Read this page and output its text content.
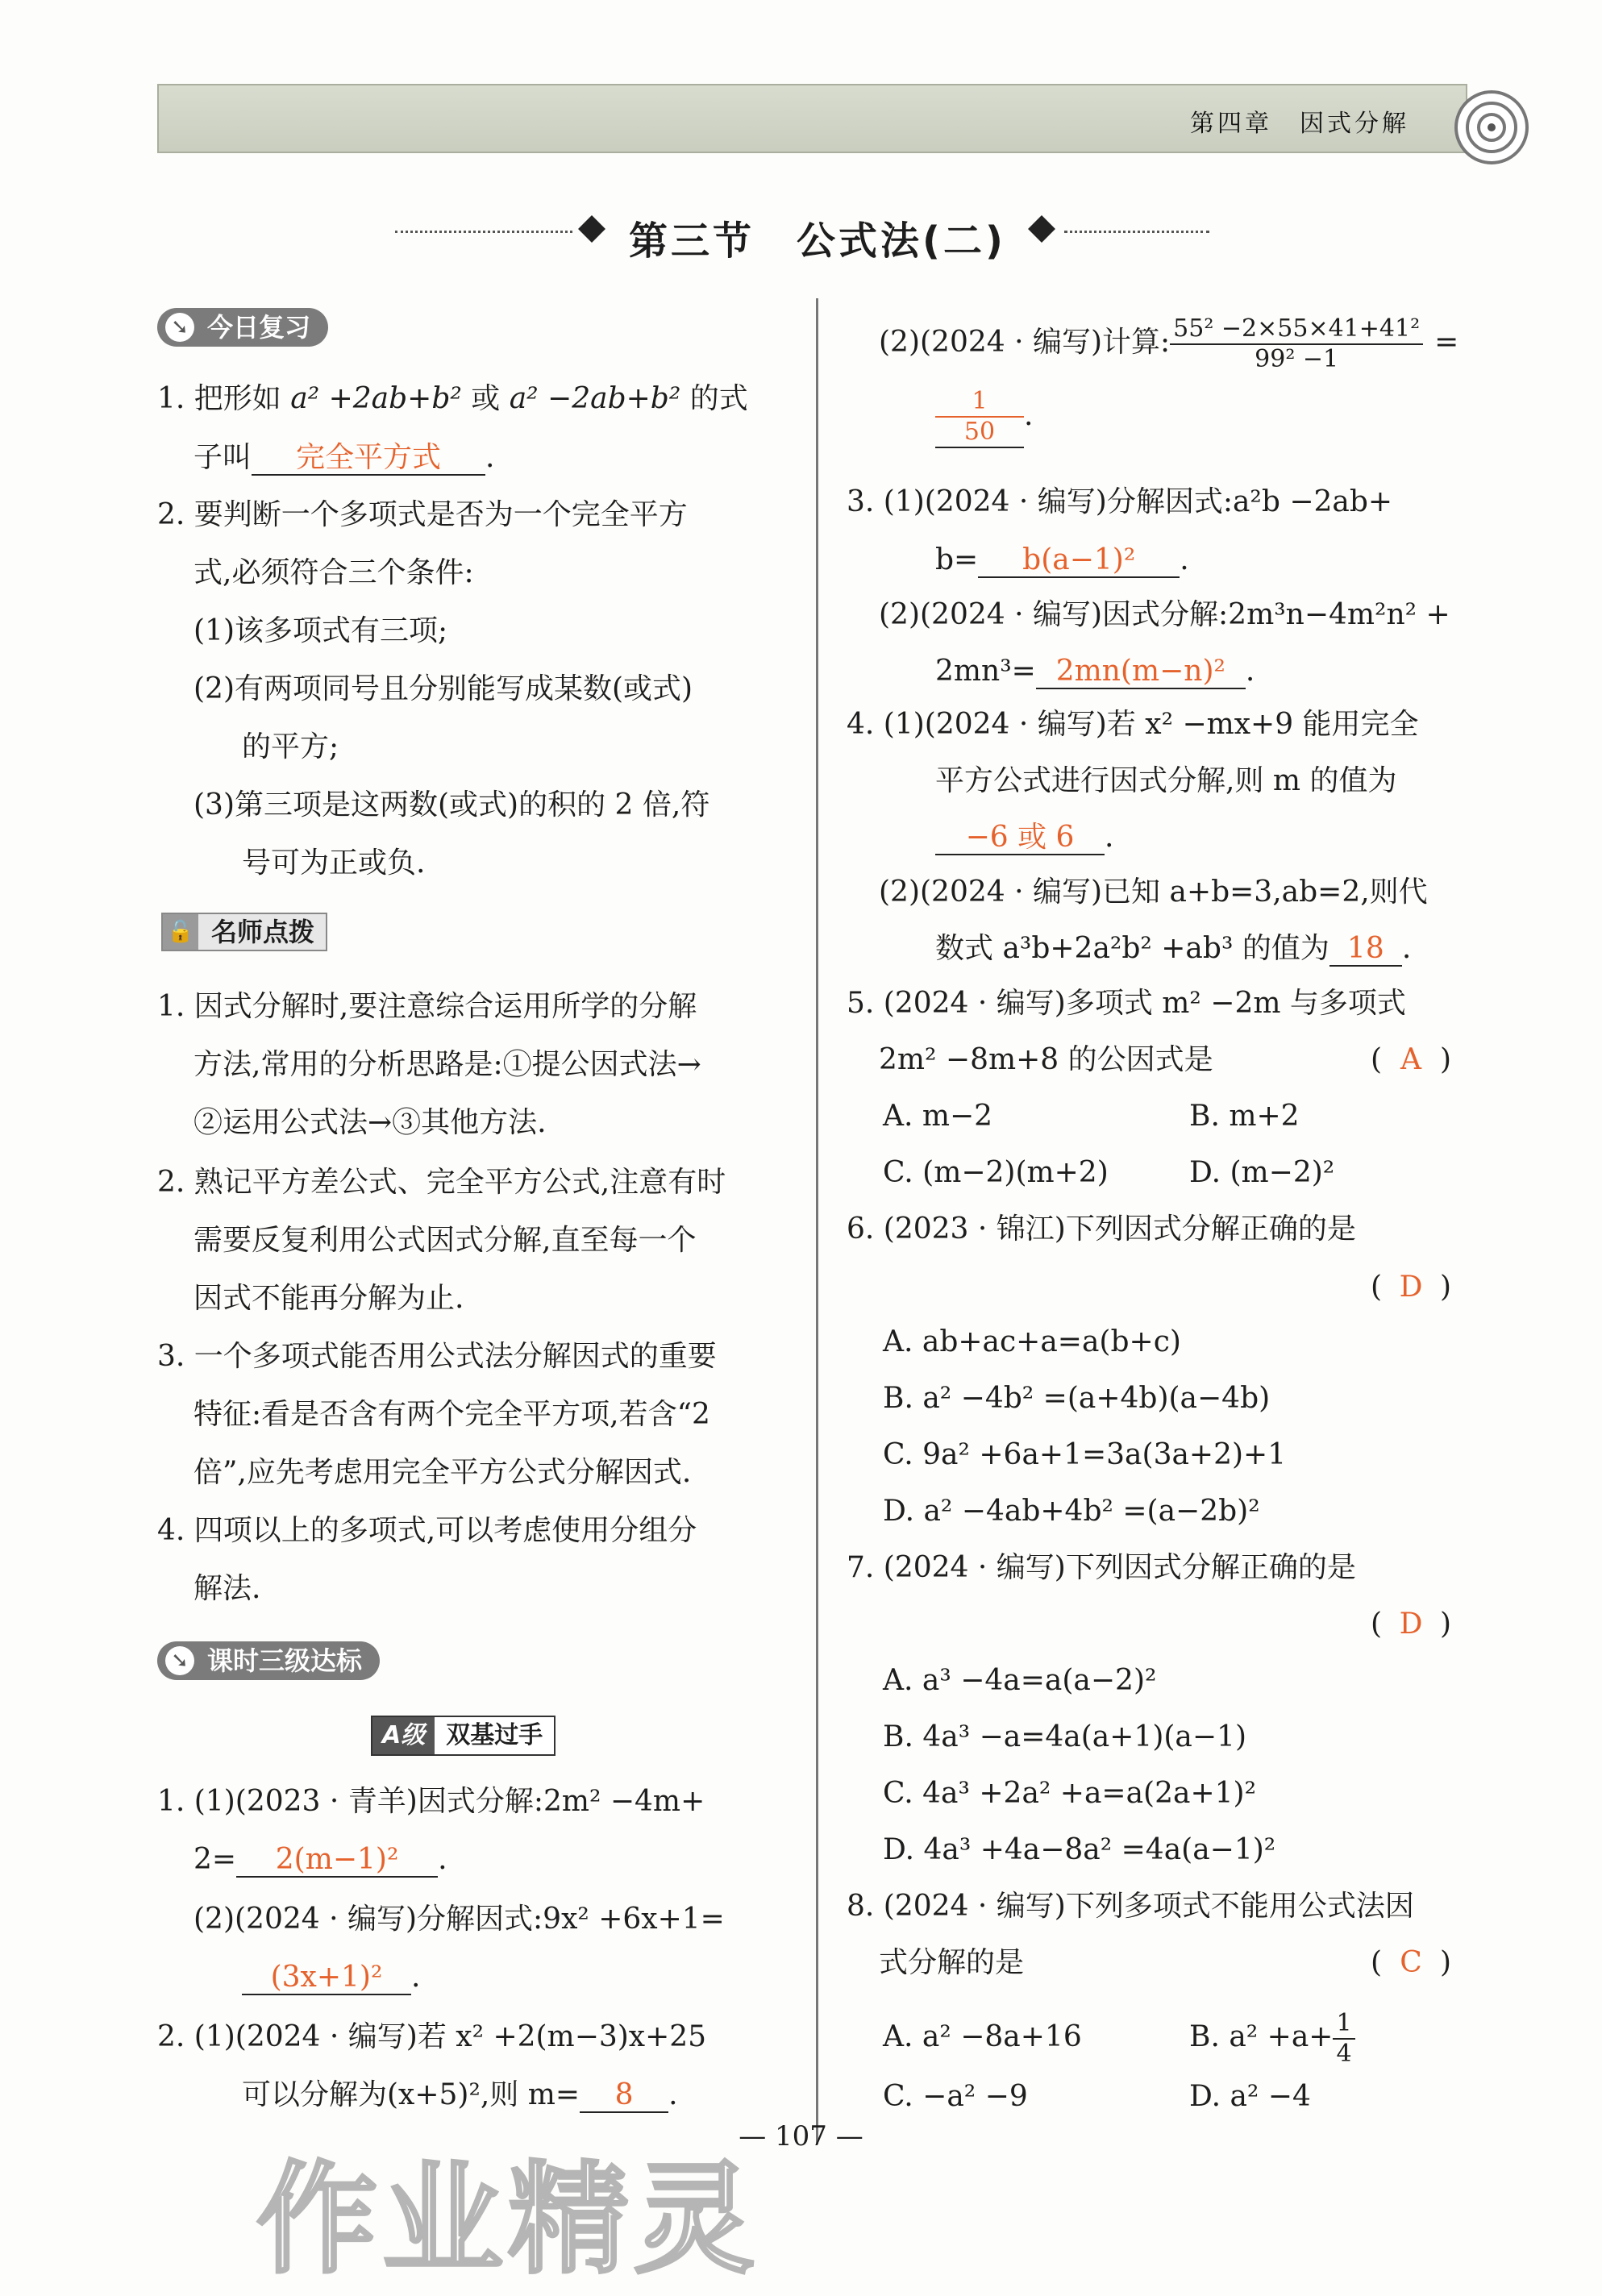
第四章　因式分解
第三节　公式法(二)
➘ 今日复习
1. 把形如 a² +2ab+b² 或 a² −2ab+b² 的式
子叫 完全平方式 .
2. 要判断一个多项式是否为一个完全平方
式,必须符合三个条件:
(1)该多项式有三项;
(2)有两项同号且分别能写成某数(或式)
的平方;
(3)第三项是这两数(或式)的积的 2 倍,符
号可为正或负.
🔓 名师点拨
1. 因式分解时,要注意综合运用所学的分解
方法,常用的分析思路是:①提公因式法→
②运用公式法→③其他方法.
2. 熟记平方差公式、完全平方公式,注意有时
需要反复利用公式因式分解,直至每一个
因式不能再分解为止.
3. 一个多项式能否用公式法分解因式的重要
特征:看是否含有两个完全平方项,若含“2
倍”,应先考虑用完全平方公式分解因式.
4. 四项以上的多项式,可以考虑使用分组分
解法.
➘ 课时三级达标
A级 双基过手
1. (1)(2023 · 青羊)因式分解:2m² −4m+
2= 2(m−1)² .
(2)(2024 · 编写)分解因式:9x² +6x+1=
(3x+1)² .
2. (1)(2024 · 编写)若 x² +2(m−3)x+25
可以分解为(x+5)²,则 m= 8 .
(2)(2024 · 编写)计算: $\frac{\text{55² −2×55×41+41²}}{\text{99² −1}}$ =
$\frac{1}{50}$ .
3. (1)(2024 · 编写)分解因式:a²b −2ab+
b= b(a−1)² .
(2)(2024 · 编写)因式分解:2m³n−4m²n² +
2mn³= 2mn(m−n)² .
4. (1)(2024 · 编写)若 x² −mx+9 能用完全
平方公式进行因式分解,则 m 的值为
−6 或 6 .
(2)(2024 · 编写)已知 a+b=3,ab=2,则代
数式 a³b+2a²b² +ab³ 的值为 18 .
5. (2024 · 编写)多项式 m² −2m 与多项式
2m² −8m+8 的公因式是	( A )
A. m−2	B. m+2
C. (m−2)(m+2)	D. (m−2)²
6. (2023 · 锦江)下列因式分解正确的是
( D )
A. ab+ac+a=a(b+c)
B. a² −4b² =(a+4b)(a−4b)
C. 9a² +6a+1=3a(3a+2)+1
D. a² −4ab+4b² =(a−2b)²
7. (2024 · 编写)下列因式分解正确的是
( D )
A. a³ −4a=a(a−2)²
B. 4a³ −a=4a(a+1)(a−1)
C. 4a³ +2a² +a=a(2a+1)²
D. 4a³ +4a−8a² =4a(a−1)²
8. (2024 · 编写)下列多项式不能用公式法因
式分解的是	( C )
A. a² −8a+16	B. $a^2 +a+ \frac{1}{4}$
C. −a² −9	D. a² −4
— 107 —
作业精灵
